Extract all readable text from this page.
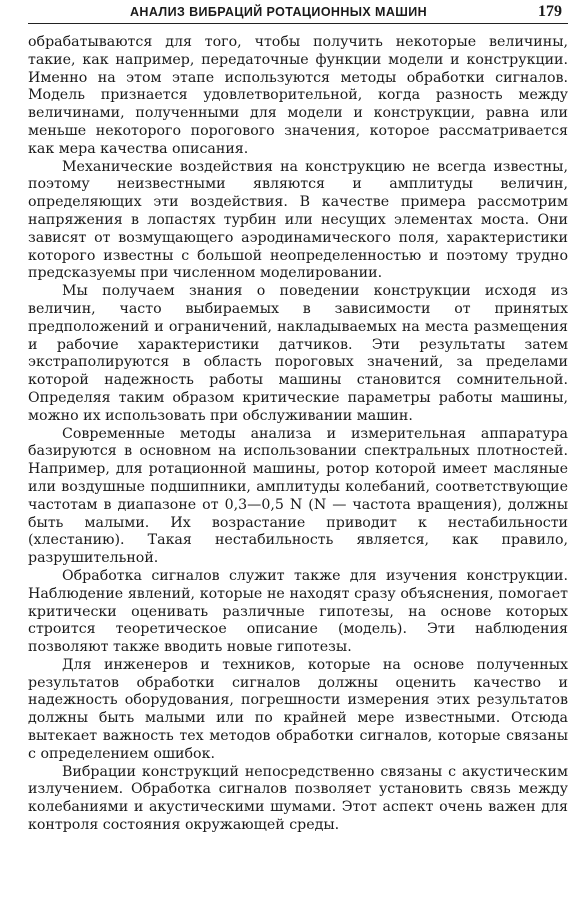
АНАЛИЗ ВИБРАЦИЙ РОТАЦИОННЫХ МАШИН	179

обрабатываются для того, чтобы получить некоторые величины, такие, как например, передаточные функции модели и конструкции. Именно на этом этапе используются методы обработки сигналов. Модель признается удовлетворительной, когда разность между величинами, полученными для модели и конструкции, равна или меньше некоторого порогового значения, которое рассматривается как мера качества описания.

Механические воздействия на конструкцию не всегда известны, поэтому неизвестными являются и амплитуды величин, определяющих эти воздействия. В качестве примера рассмотрим напряжения в лопастях турбин или несущих элементах моста. Они зависят от возмущающего аэродинамического поля, характеристики которого известны с большой неопределенностью и поэтому трудно предсказуемы при численном моделировании.

Мы получаем знания о поведении конструкции исходя из величин, часто выбираемых в зависимости от принятых предположений и ограничений, накладываемых на места размещения и рабочие характеристики датчиков. Эти результаты затем экстраполируются в область пороговых значений, за пределами которой надежность работы машины становится сомнительной. Определяя таким образом критические параметры работы машины, можно их использовать при обслуживании машин.

Современные методы анализа и измерительная аппаратура базируются в основном на использовании спектральных плотностей. Например, для ротационной машины, ротор которой имеет масляные или воздушные подшипники, амплитуды колебаний, соответствующие частотам в диапазоне от 0,3—0,5 N (N — частота вращения), должны быть малыми. Их возрастание приводит к нестабильности (хлестанию). Такая нестабильность является, как правило, разрушительной.

Обработка сигналов служит также для изучения конструкции. Наблюдение явлений, которые не находят сразу объяснения, помогает критически оценивать различные гипотезы, на основе которых строится теоретическое описание (модель). Эти наблюдения позволяют также вводить новые гипотезы.

Для инженеров и техников, которые на основе полученных результатов обработки сигналов должны оценить качество и надежность оборудования, погрешности измерения этих результатов должны быть малыми или по крайней мере известными. Отсюда вытекает важность тех методов обработки сигналов, которые связаны с определением ошибок.

Вибрации конструкций непосредственно связаны с акустическим излучением. Обработка сигналов позволяет установить связь между колебаниями и акустическими шумами. Этот аспект очень важен для контроля состояния окружающей среды.
